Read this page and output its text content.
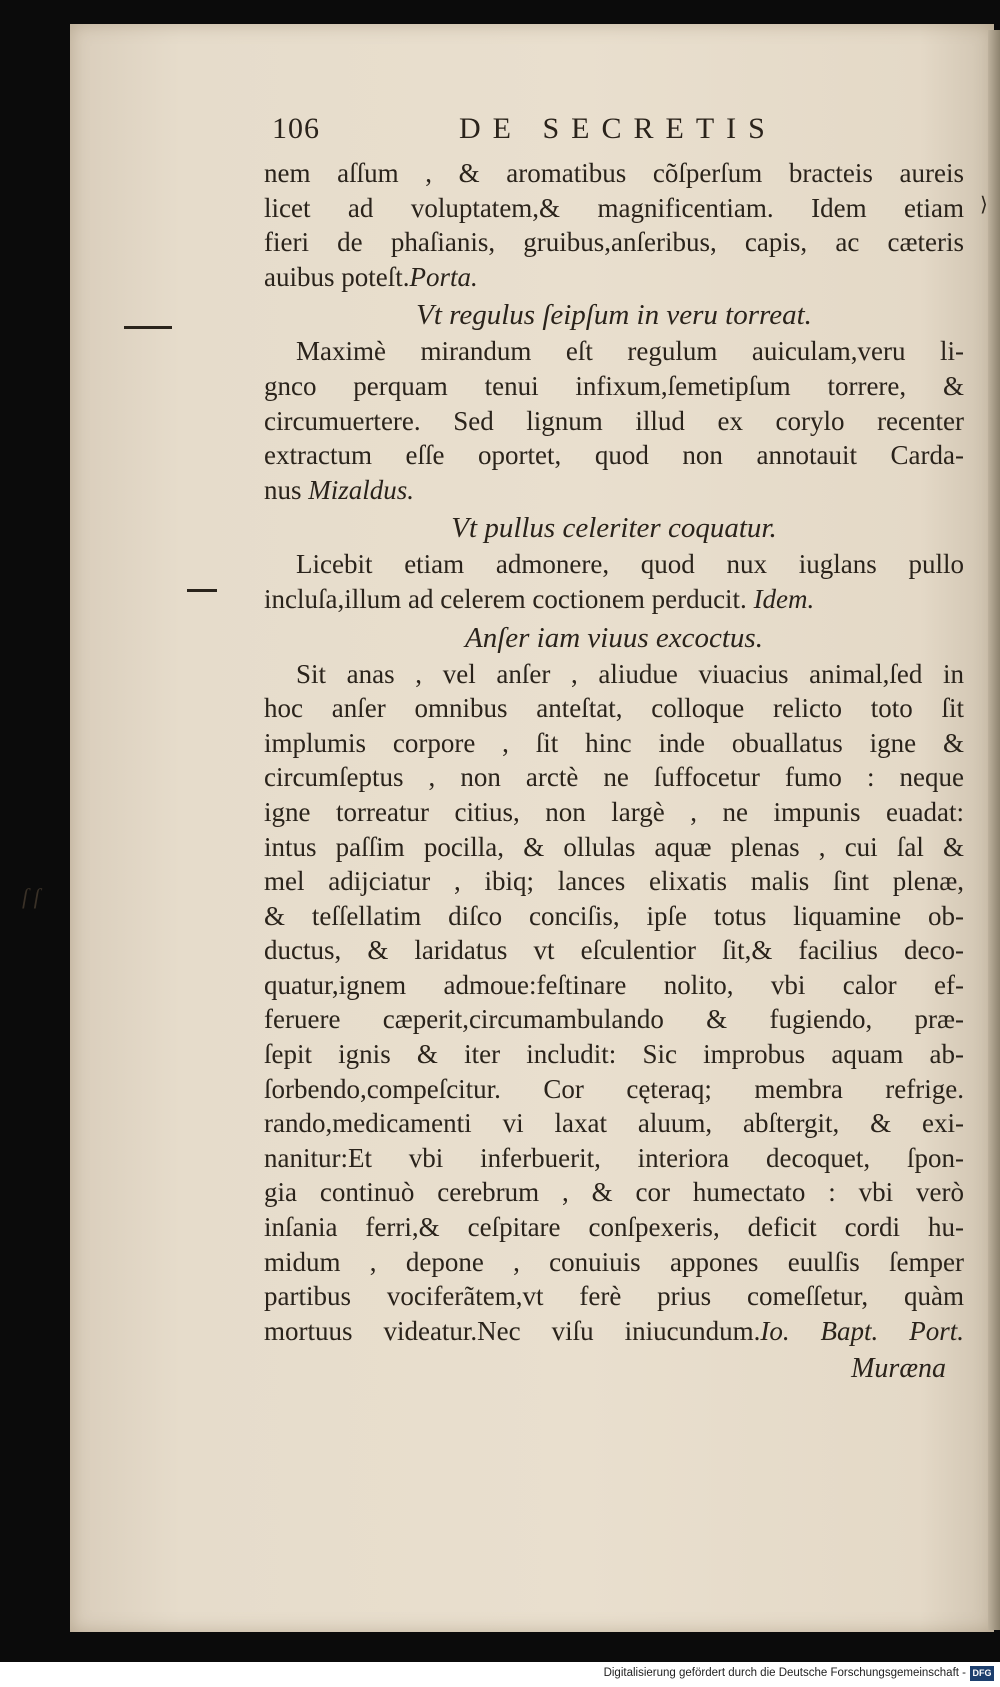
ſ ſ
⟩
106	DE SECRETIS
nem aſſum , & aromatibus cõſperſum bracteis aureis
licet ad voluptatem,& magnificentiam. Idem etiam
fieri de phaſianis, gruibus,anſeribus, capis, ac cæteris
auibus poteſt.Porta.
Vt regulus ſeipſum in veru torreat.
Maximè mirandum eſt regulum auiculam,veru li-
gnco perquam tenui infixum,ſemetipſum torrere, &
circumuertere. Sed lignum illud ex corylo recenter
extractum eſſe oportet, quod non annotauit Carda-
nus Mizaldus.
Vt pullus celeriter coquatur.
Licebit etiam admonere, quod nux iuglans pullo
incluſa,illum ad celerem coctionem perducit. Idem.
Anſer iam viuus excoctus.
Sit anas , vel anſer , aliudue viuacius animal,ſed in
hoc anſer omnibus anteſtat, colloque relicto toto ſit
implumis corpore , ſit hinc inde obuallatus igne &
circumſeptus , non arctè ne ſuffocetur fumo : neque
igne torreatur citius, non largè , ne impunis euadat:
intus paſſim pocilla, & ollulas aquæ plenas , cui ſal &
mel adijciatur , ibiq; lances elixatis malis ſint plenæ,
& teſſellatim diſco conciſis, ipſe totus liquamine ob-
ductus, & laridatus vt eſculentior ſit,& facilius deco-
quatur,ignem admoue:feſtinare nolito, vbi calor ef-
feruere cæperit,circumambulando & fugiendo, præ-
ſepit ignis & iter includit: Sic improbus aquam ab-
ſorbendo,compeſcitur. Cor cęteraq; membra refrige.
rando,medicamenti vi laxat aluum, abſtergit, & exi-
nanitur:Et vbi inferbuerit, interiora decoquet, ſpon-
gia continuò cerebrum , & cor humectato : vbi verò
inſania ferri,& ceſpitare conſpexeris, deficit cordi hu-
midum , depone , conuiuis appones euulſis ſemper
partibus vociferãtem,vt ferè prius comeſſetur, quàm
mortuus videatur.Nec viſu iniucundum.Io. Bapt. Port.
Muræna
Digitalisierung gefördert durch die Deutsche Forschungsgemeinschaft - DFG
